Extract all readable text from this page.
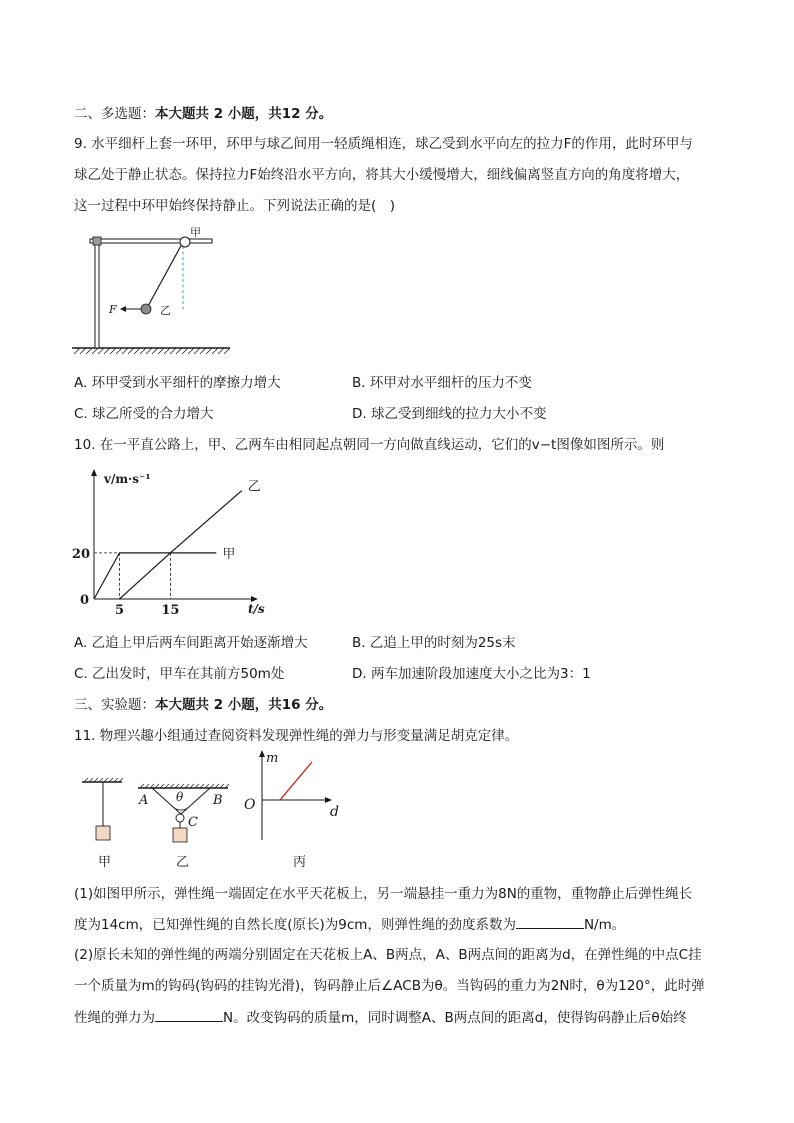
二、多选题：本大题共 2 小题，共12 分。
9. 水平细杆上套一环甲，环甲与球乙间用一轻质绳相连，球乙受到水平向左的拉力F的作用，此时环甲与
球乙处于静止状态。保持拉力F始终沿水平方向，将其大小缓慢增大，细线偏离竖直方向的角度将增大，
这一过程中环甲始终保持静止。下列说法正确的是(　)
甲
乙
F
A. 环甲受到水平细杆的摩擦力增大	B. 环甲对水平细杆的压力不变
C. 球乙所受的合力增大	D. 球乙受到细线的拉力大小不变
10. 在一平直公路上，甲、乙两车由相同起点朝同一方向做直线运动，它们的v−t图像如图所示。则
甲
乙
t/s
v/m·s⁻¹
0
5	15
20
A. 乙追上甲后两车间距离开始逐渐增大	B. 乙追上甲的时刻为25s末
C. 乙出发时，甲车在其前方50m处	D. 两车加速阶段加速度大小之比为3：1
三、实验题：本大题共 2 小题，共16 分。
11. 物理兴趣小组通过查阅资料发现弹性绳的弹力与形变量满足胡克定律。
甲
A	B
C
θ
乙
m
d
O
丙
(1)如图甲所示，弹性绳一端固定在水平天花板上，另一端悬挂一重力为8N的重物，重物静止后弹性绳长
度为14cm，已知弹性绳的自然长度(原长)为9cm，则弹性绳的劲度系数为	N/m。
(2)原长未知的弹性绳的两端分别固定在天花板上A、B两点，A、B两点间的距离为d，在弹性绳的中点C挂
一个质量为m的钩码(钩码的挂钩光滑)，钩码静止后∠ACB为θ。当钩码的重力为2N时，θ为120°，此时弹
性绳的弹力为	N。改变钩码的质量m，同时调整A、B两点间的距离d，使得钩码静止后θ始终
